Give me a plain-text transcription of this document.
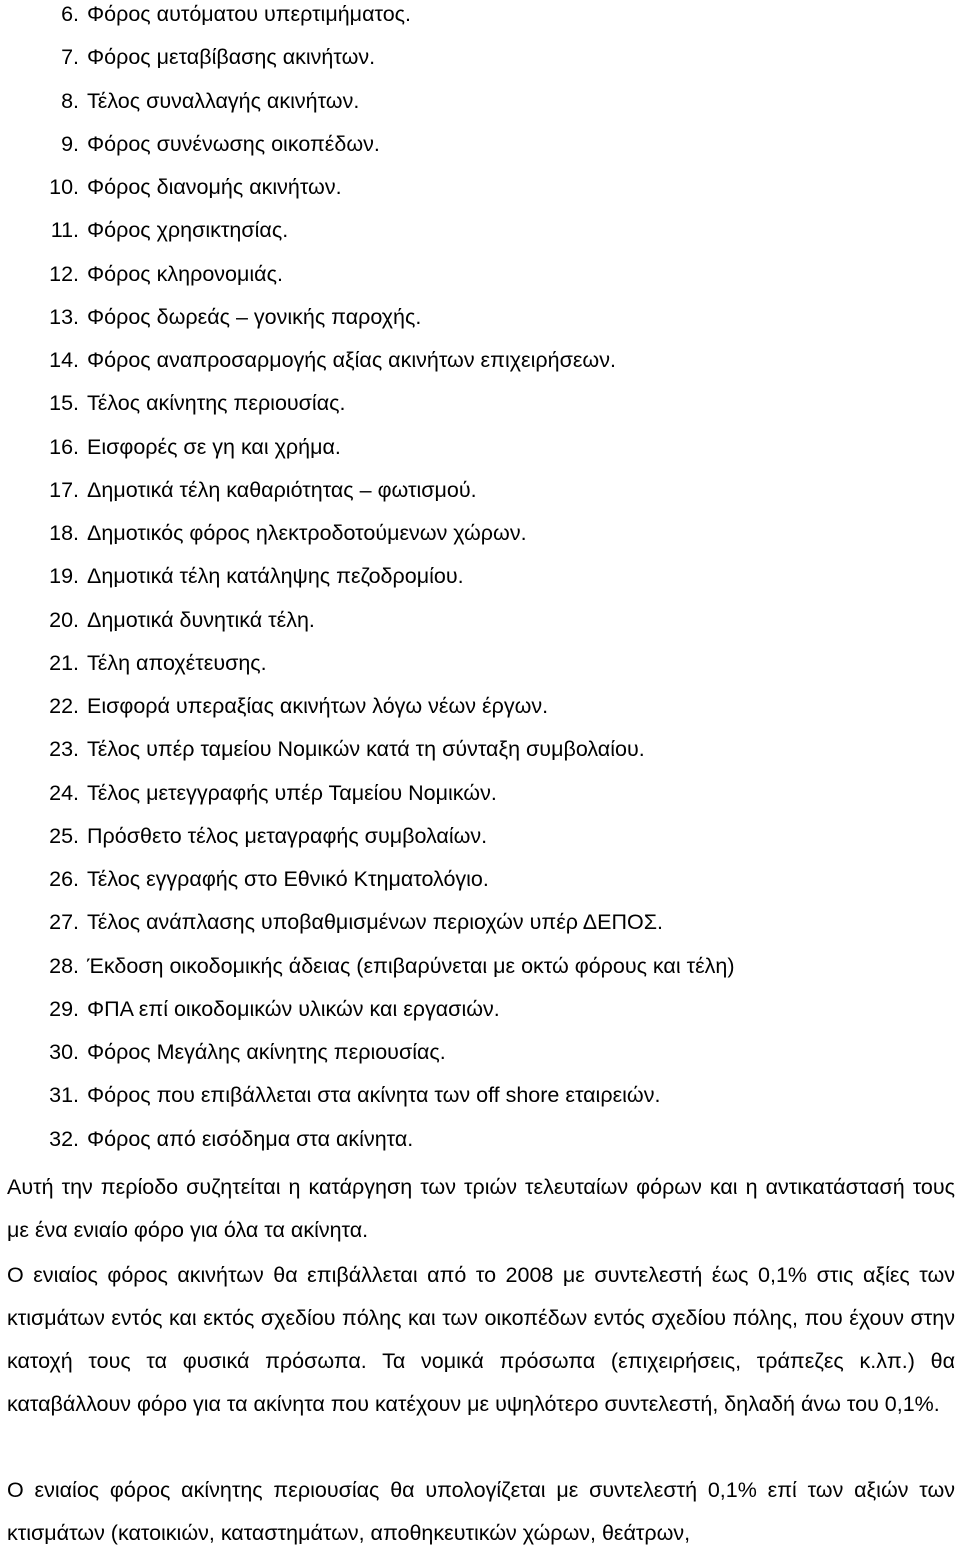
6. Φόρος αυτόματου υπερτιμήματος.
7. Φόρος μεταβίβασης ακινήτων.
8. Τέλος συναλλαγής ακινήτων.
9. Φόρος συνένωσης οικοπέδων.
10. Φόρος διανομής ακινήτων.
11. Φόρος χρησικτησίας.
12. Φόρος κληρονομιάς.
13. Φόρος δωρεάς – γονικής παροχής.
14. Φόρος αναπροσαρμογής αξίας ακινήτων επιχειρήσεων.
15. Τέλος ακίνητης περιουσίας.
16. Εισφορές σε γη και χρήμα.
17. Δημοτικά τέλη καθαριότητας – φωτισμού.
18. Δημοτικός φόρος ηλεκτροδοτούμενων χώρων.
19. Δημοτικά τέλη κατάληψης πεζοδρομίου.
20. Δημοτικά δυνητικά τέλη.
21. Τέλη αποχέτευσης.
22. Εισφορά υπεραξίας ακινήτων λόγω νέων έργων.
23. Τέλος υπέρ ταμείου Νομικών κατά τη σύνταξη συμβολαίου.
24. Τέλος μετεγγραφής υπέρ Ταμείου Νομικών.
25. Πρόσθετο τέλος μεταγραφής συμβολαίων.
26. Τέλος εγγραφής στο Εθνικό Κτηματολόγιο.
27. Τέλος ανάπλασης υποβαθμισμένων περιοχών υπέρ ΔΕΠΟΣ.
28. Έκδοση οικοδομικής άδειας (επιβαρύνεται με οκτώ φόρους και τέλη)
29. ΦΠΑ επί οικοδομικών υλικών και εργασιών.
30. Φόρος Μεγάλης ακίνητης περιουσίας.
31. Φόρος που επιβάλλεται στα ακίνητα των off shore εταιρειών.
32. Φόρος από εισόδημα στα ακίνητα.

Αυτή την περίοδο συζητείται η κατάργηση των τριών τελευταίων φόρων και η αντικατάστασή τους με ένα ενιαίο φόρο για όλα τα ακίνητα.

Ο ενιαίος φόρος ακινήτων θα επιβάλλεται από το 2008 με συντελεστή έως 0,1% στις αξίες των κτισμάτων εντός και εκτός σχεδίου πόλης και των οικοπέδων εντός σχεδίου πόλης, που έχουν στην κατοχή τους τα φυσικά πρόσωπα. Τα νομικά πρόσωπα (επιχειρήσεις, τράπεζες κ.λπ.) θα καταβάλλουν φόρο για τα ακίνητα που κατέχουν με υψηλότερο συντελεστή, δηλαδή άνω του 0,1%.

Ο ενιαίος φόρος ακίνητης περιουσίας θα υπολογίζεται με συντελεστή 0,1% επί των αξιών των κτισμάτων (κατοικιών, καταστημάτων, αποθηκευτικών χώρων, θεάτρων,
